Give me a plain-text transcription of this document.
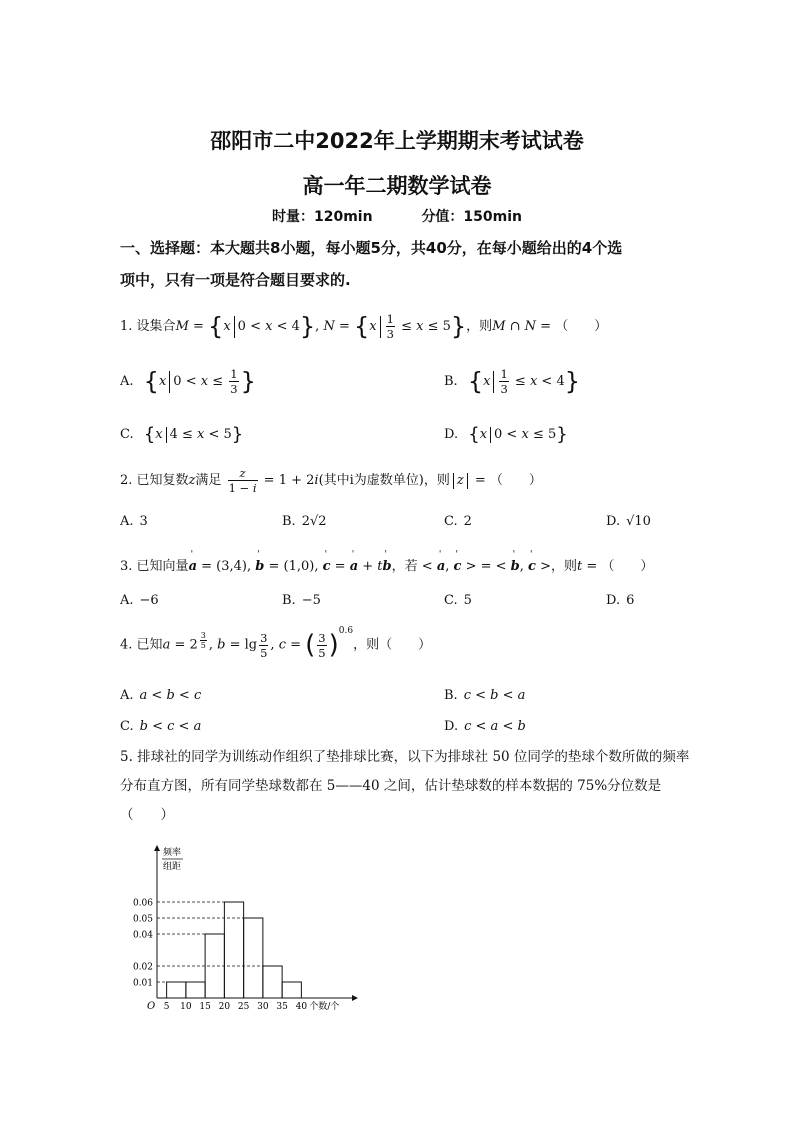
邵阳市二中2022年上学期期末考试试卷
高一年二期数学试卷
时量：120min	分值：150min
一、选择题：本大题共8小题，每小题5分，共40分，在每小题给出的4个选
项中，只有一项是符合题目要求的.
1. 设集合M = {x 0 < x < 4}, $N = \{x \frac{1}{3} \le x \le 5\}$，则M ∩ N = （　　）
A. {x $0 < x \le \frac{1}{3}$ }	B. $\{x \frac{1}{3} \le x < 4\}$
C. {x 4 ≤ x < 5}	D. {x 0 < x ≤ 5}
2. 已知复数z满足 $\frac{z}{1 - i} = 1 + 2i$(其中i为虚数单位)，则 z = （　　）
A. 3	B. 2√2	C. 2	D. √10
3. 已知向量' a = (3,4), ' b = (1,0), ' c = ' a + t' b，若 < ' a, ' c > = < ' b, ' c >，则t = （　　）
A. −6	B. −5	C. 5	D. 6
4. 已知a = 2 $^{\frac{3}{5}}$ , $b = \lg \frac{3}{5}$ , c = ( $\frac{3}{5} )^{0.6}$，则（　　）
A. a < b < c	B. c < b < a
C. b < c < a	D. c < a < b
5. 排球社的同学为训练动作组织了垫排球比赛，以下为排球社 50 位同学的垫球个数所做的频率分布直方图，所有同学垫球数都在 5——40 之间，估计垫球数的样本数据的 75%分位数是（　　）
0.01
0.02
0.04
0.05
0.06
5 10 15 20 25 30 35 40
O
频率
组距
个数/个
